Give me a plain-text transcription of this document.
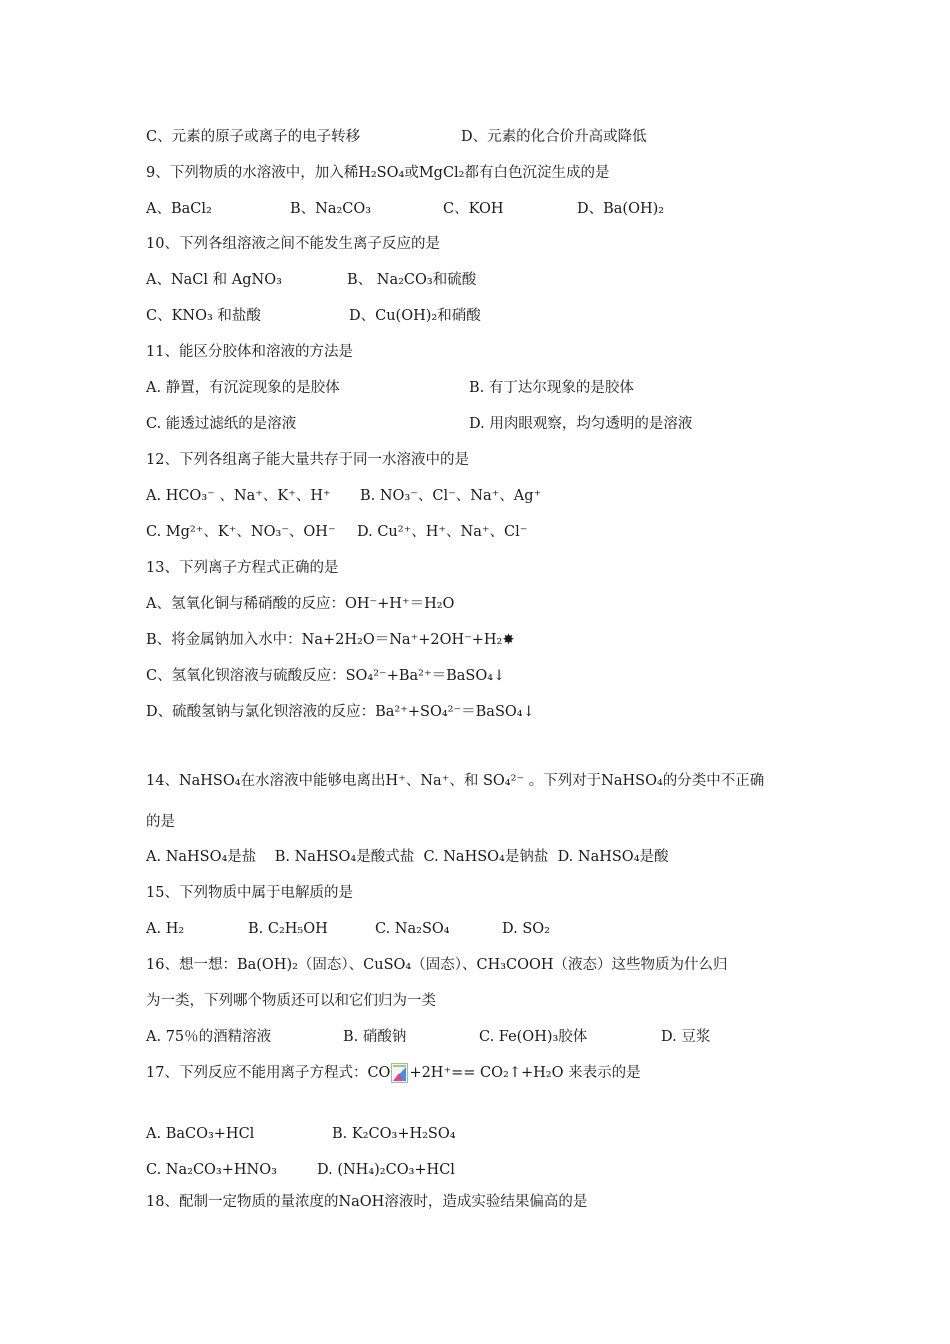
C、元素的原子或离子的电子转移	D、元素的化合价升高或降低
9、下列物质的水溶液中，加入稀H₂SO₄或MgCl₂都有白色沉淀生成的是
A、BaCl₂	B、Na₂CO₃	C、KOH	D、Ba(OH)₂
10、下列各组溶液之间不能发生离子反应的是
A、NaCl 和 AgNO₃	B、 Na₂CO₃和硫酸
C、KNO₃ 和盐酸	D、Cu(OH)₂和硝酸
11、能区分胶体和溶液的方法是
A. 静置，有沉淀现象的是胶体	B. 有丁达尔现象的是胶体
C. 能透过滤纸的是溶液	D. 用肉眼观察，均匀透明的是溶液
12、下列各组离子能大量共存于同一水溶液中的是
A. HCO₃⁻ 、Na⁺、K⁺、H⁺ B. NO₃⁻、Cl⁻、Na⁺、Ag⁺
C. Mg²⁺、K⁺、NO₃⁻、OH⁻ D. Cu²⁺、H⁺、Na⁺、Cl⁻
13、下列离子方程式正确的是
A、氢氧化铜与稀硝酸的反应：OH⁻+H⁺＝H₂O
B、将金属钠加入水中：Na+2H₂O＝Na⁺+2OH⁻+H₂✸
C、氢氧化钡溶液与硫酸反应：SO₄²⁻+Ba²⁺＝BaSO₄↓
D、硫酸氢钠与氯化钡溶液的反应：Ba²⁺+SO₄²⁻＝BaSO₄↓
14、NaHSO₄在水溶液中能够电离出H⁺、Na⁺、和 SO₄²⁻ 。下列对于NaHSO₄的分类中不正确
的是
A. NaHSO₄是盐    B. NaHSO₄是酸式盐  C. NaHSO₄是钠盐  D. NaHSO₄是酸
15、下列物质中属于电解质的是
A. H₂	B. C₂H₅OH	C. Na₂SO₄	D. SO₂
16、想一想：Ba(OH)₂（固态）、CuSO₄（固态）、CH₃COOH（液态）这些物质为什么归
为一类，下列哪个物质还可以和它们归为一类
A. 75％的酒精溶液	B. 硝酸钠	C. Fe(OH)₃胶体	D. 豆浆
17、下列反应不能用离子方程式：CO +2H⁺== CO₂↑+H₂O 来表示的是
A. BaCO₃+HCl	B. K₂CO₃+H₂SO₄
C. Na₂CO₃+HNO₃	D. (NH₄)₂CO₃+HCl
18、配制一定物质的量浓度的NaOH溶液时，造成实验结果偏高的是
